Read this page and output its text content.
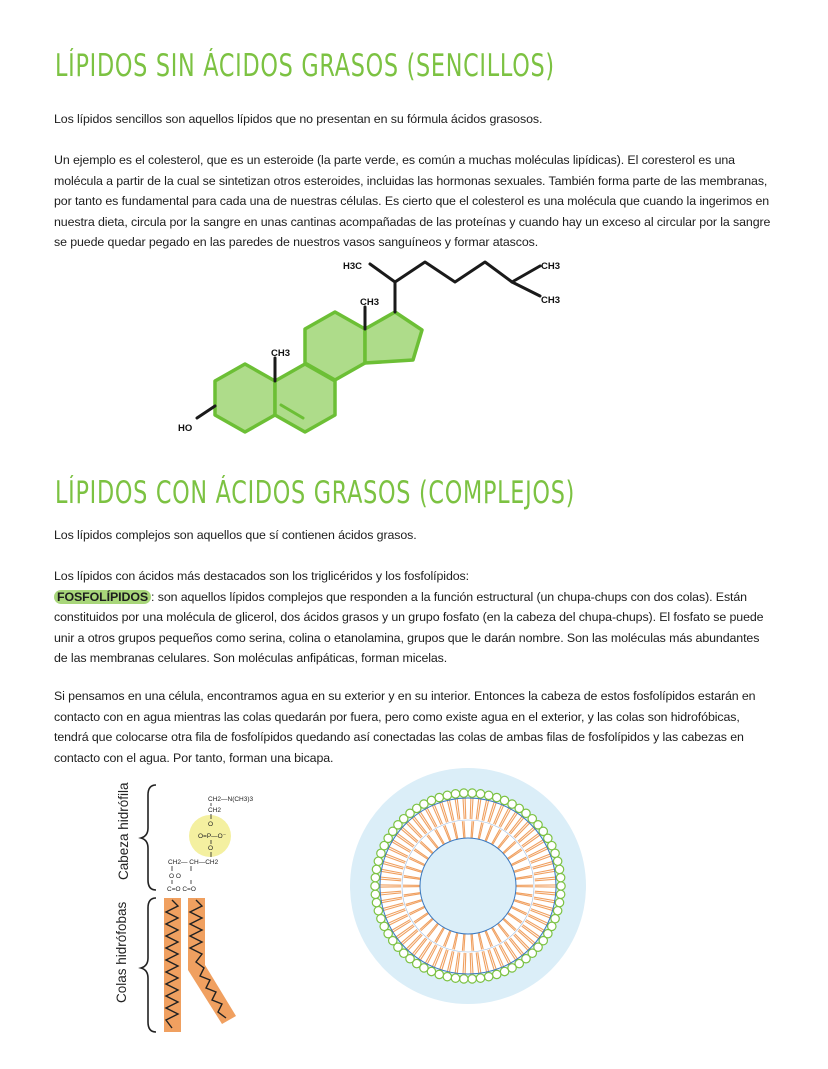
LÍPIDOS SIN ÁCIDOS GRASOS (SENCILLOS)

Los lípidos sencillos son aquellos lípidos que no presentan en su fórmula ácidos grasosos.

Un ejemplo es el colesterol, que es un esteroide (la parte verde, es común a muchas moléculas lipídicas). El coresterol es una molécula a partir de la cual se sintetizan otros esteroides, incluidas las hormonas sexuales. También forma parte de las membranas, por tanto es fundamental para cada una de nuestras células. Es cierto que el colesterol es una molécula que cuando la ingerimos en nuestra dieta, circula por la sangre en unas cantinas acompañadas de las proteínas y cuando hay un exceso al circular por la sangre se puede quedar pegado en las paredes de nuestros vasos sanguíneos y formar atascos.

H3C	CH3
CH3
CH3
CH3
HO
LÍPIDOS CON ÁCIDOS GRASOS (COMPLEJOS)

Los lípidos complejos son aquellos que sí contienen ácidos grasos.

Los lípidos con ácidos más destacados son los triglicéridos y los fosfolípidos:
FOSFOLÍPIDOS : son aquellos lípidos complejos que responden a la función estructural (un chupa-chups con dos colas). Están constituidos por una molécula de glicerol, dos ácidos grasos y un grupo fosfato (en la cabeza del chupa-chups). El fosfato se puede unir a otros grupos pequeños como serina, colina o etanolamina, grupos que le darán nombre. Son las moléculas más abundantes de las membranas celulares. Son moléculas anfipáticas, forman micelas.

Si pensamos en una célula, encontramos agua en su exterior y en su interior. Entonces la cabeza de estos fosfolípidos estarán en contacto con en agua mientras las colas quedarán por fuera, pero como existe agua en el exterior, y las colas son hidrofóbicas, tendrá que colocarse otra fila de fosfolípidos quedando así conectadas las colas de ambas filas de fosfolípidos y las cabezas en contacto con el agua. Por tanto, forman una bicapa.

CH2—N(CH3)3
CH2
O
O=P—O⁻
O
CH2— CH—CH2
O O
C=O C=O
Cabeza hidrófila
Colas hidrófobas
